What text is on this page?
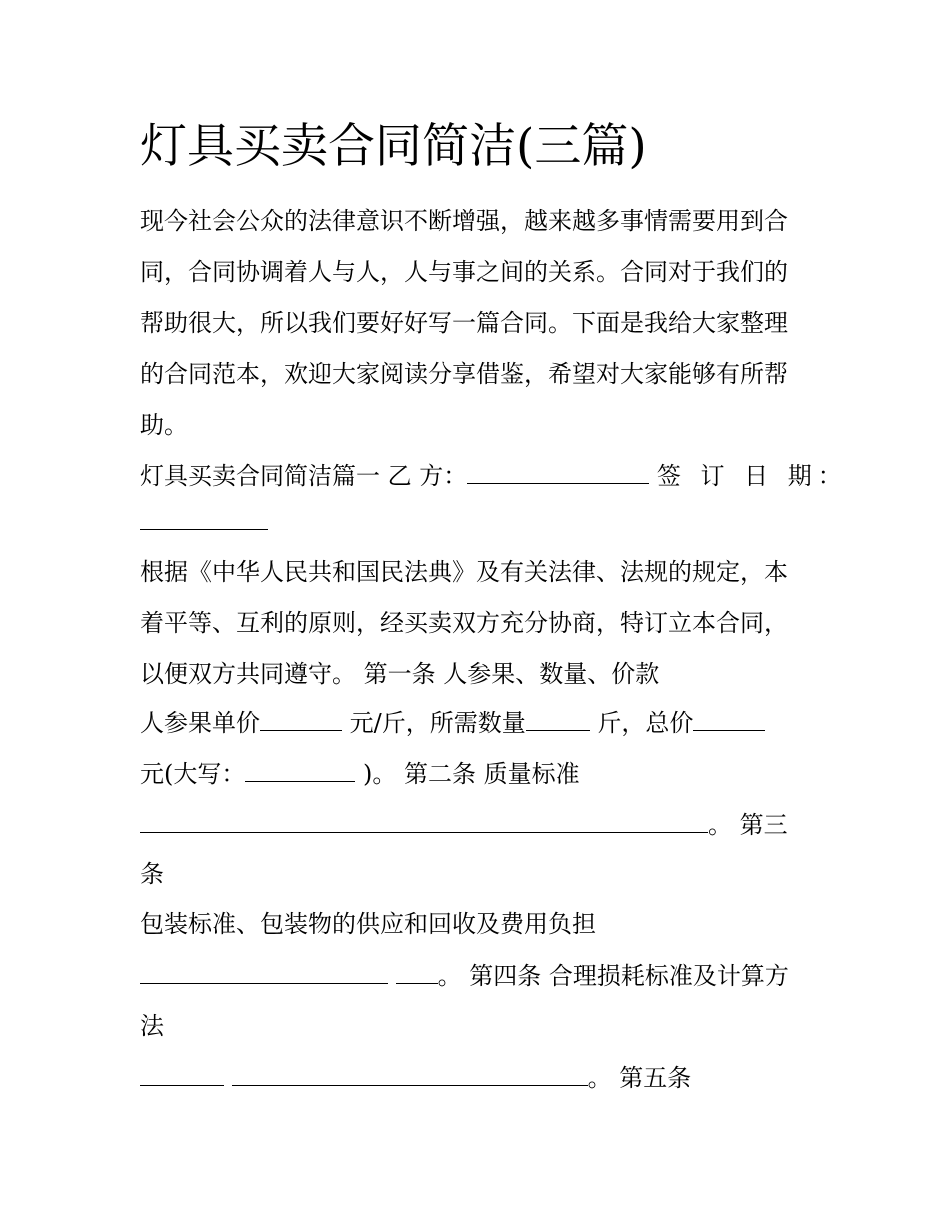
灯具买卖合同简洁(三篇)
现今社会公众的法律意识不断增强，越来越多事情需要用到合
同，合同协调着人与人，人与事之间的关系。合同对于我们的
帮助很大，所以我们要好好写一篇合同。下面是我给大家整理
的合同范本，欢迎大家阅读分享借鉴，希望对大家能够有所帮
助。
灯具买卖合同简洁篇一 乙 方：	签 订 日 期：
根据《中华人民共和国民法典》及有关法律、法规的规定，本
着平等、互利的原则，经买卖双方充分协商，特订立本合同，
以便双方共同遵守。 第一条 人参果、数量、价款
人参果单价	元/斤，所需数量	斤，总价
元(大写：	)。 第二条 质量标准
。 第三
条
包装标准、包装物的供应和回收及费用负担
。 第四条 合理损耗标准及计算方
法
。 第五条
